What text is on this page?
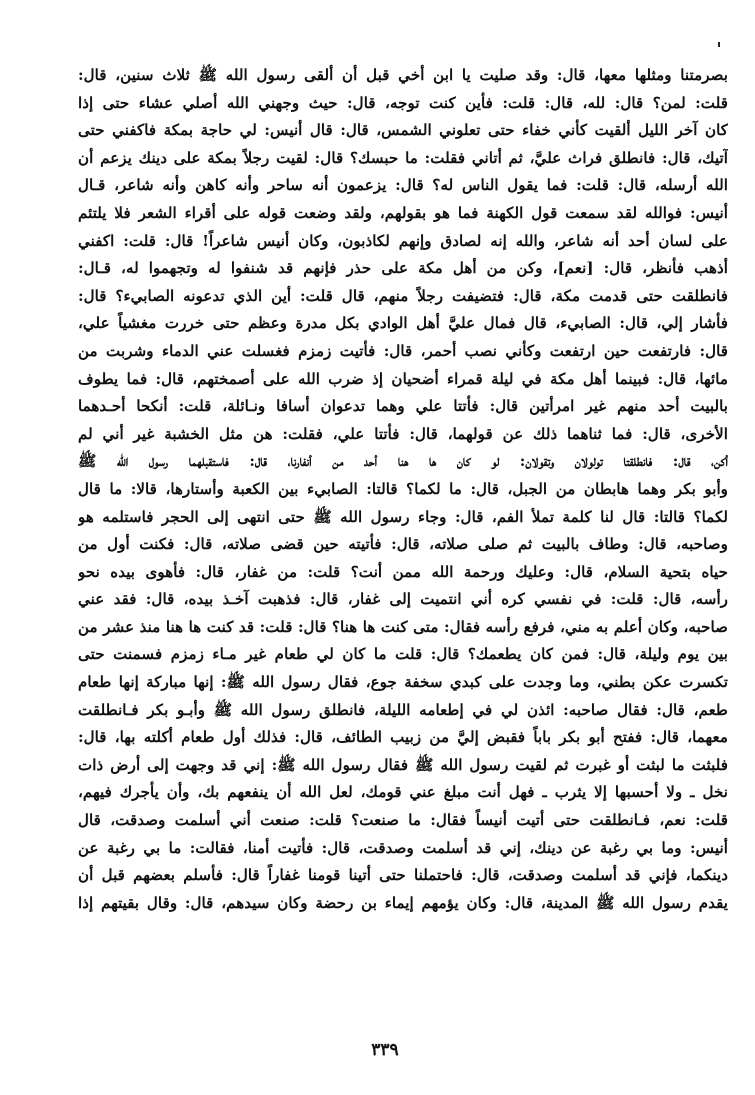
بصرمتنا ومثلها معها، قال: وقد صليت يا ابن أخي قبل أن ألقى رسول الله ﷺ ثلاث سنين، قال:
قلت: لمن؟ قال: لله، قال: قلت: فأين كنت توجه، قال: حيث وجهني الله أصلي عشاء حتى إذا
كان آخر الليل ألقيت كأني خفاء حتى تعلوني الشمس، قال: قال أنيس: لي حاجة بمكة فاكفني حتى
آتيك، قال: فانطلق فراث عليَّ، ثم أتاني فقلت: ما حبسك؟ قال: لقيت رجلاً بمكة على دينك يزعم أن
الله أرسله، قال: قلت: فما يقول الناس له؟ قال: يزعمون أنه ساحر وأنه كاهن وأنه شاعر، قـال
أنيس: فوالله لقد سمعت قول الكهنة فما هو بقولهم، ولقد وضعت قوله على أقراء الشعر فلا يلتئم
على لسان أحد أنه شاعر، والله إنه لصادق وإنهم لكاذبون، وكان أنيس شاعراً! قال: قلت: اكفني
أذهب فأنظر، قال: [نعم]، وكن من أهل مكة على حذر فإنهم قد شنفوا له وتجهموا له، قـال:
فانطلقت حتى قدمت مكة، قال: فتضيفت رجلاً منهم، قال قلت: أين الذي تدعونه الصابيء؟ قال:
فأشار إلي، قال: الصابيء، قال فمال عليَّ أهل الوادي بكل مدرة وعظم حتى خررت مغشياً علي،
قال: فارتفعت حين ارتفعت وكأني نصب أحمر، قال: فأتيت زمزم فغسلت عني الدماء وشربت من
مائها، قال: فبينما أهل مكة في ليلة قمراء أضحيان إذ ضرب الله على أصمختهم، قال: فما يطوف
بالبيت أحد منهم غير امرأتين قال: فأتتا علي وهما تدعوان أسافا ونـائلة، قلت: أنكحا أحـدهما
الأخرى، قال: فما ثناهما ذلك عن قولهما، قال: فأتتا علي، فقلت: هن مثل الخشبة غير أني لم
أكن، قال: فانطلقتا تولولان وتقولان: لو كان ها هنا أحد من أنفارنا، قال: فاستقبلهما رسول الله ﷺ
وأبو بكر وهما هابطان من الجبل، قال: ما لكما؟ قالتا: الصابيء بين الكعبة وأستارها، قالا: ما قال
لكما؟ قالتا: قال لنا كلمة تملأ الفم، قال: وجاء رسول الله ﷺ حتى انتهى إلى الحجر فاستلمه هو
وصاحبه، قال: وطاف بالبيت ثم صلى صلاته، قال: فأتيته حين قضى صلاته، قال: فكنت أول من
حياه بتحية السلام، قال: وعليك ورحمة الله ممن أنت؟ قلت: من غفار، قال: فأهوى بيده نحو
رأسه، قال: قلت: في نفسي كره أني انتميت إلى غفار، قال: فذهبت آخـذ بيده، قال: فقد عني
صاحبه، وكان أعلم به مني، فرفع رأسه فقال: متى كنت ها هنا؟ قال: قلت: قد كنت ها هنا منذ عشر من
بين يوم وليلة، قال: فمن كان يطعمك؟ قال: قلت ما كان لي طعام غير مـاء زمزم فسمنت حتى
تكسرت عكن بطني، وما وجدت على كبدي سخفة جوع، فقال رسول الله ﷺ: إنها مباركة إنها طعام
طعم، قال: فقال صاحبه: ائذن لي في إطعامه الليلة، فانطلق رسول الله ﷺ وأبـو بكر فـانطلقت
معهما، قال: ففتح أبو بكر باباً فقبض إليَّ من زبيب الطائف، قال: فذلك أول طعام أكلته بها، قال:
فلبثت ما لبثت أو غبرت ثم لقيت رسول الله ﷺ فقال رسول الله ﷺ: إني قد وجهت إلى أرض ذات
نخل ـ ولا أحسبها إلا يثرب ـ فهل أنت مبلغ عني قومك، لعل الله أن ينفعهم بك، وأن يأجرك فيهم،
قلت: نعم، فـانطلقت حتى أتيت أنيساً فقال: ما صنعت؟ قلت: صنعت أني أسلمت وصدقت، قال
أنيس: وما بي رغبة عن دينك، إني قد أسلمت وصدقت، قال: فأتيت أمنا، فقالت: ما بي رغبة عن
دينكما، فإني قد أسلمت وصدقت، قال: فاحتملنا حتى أتينا قومنا غفاراً قال: فأسلم بعضهم قبل أن
يقدم رسول الله ﷺ المدينة، قال: وكان يؤمهم إيماء بن رحضة وكان سيدهم، قال: وقال بقيتهم إذا
٣٣٩
